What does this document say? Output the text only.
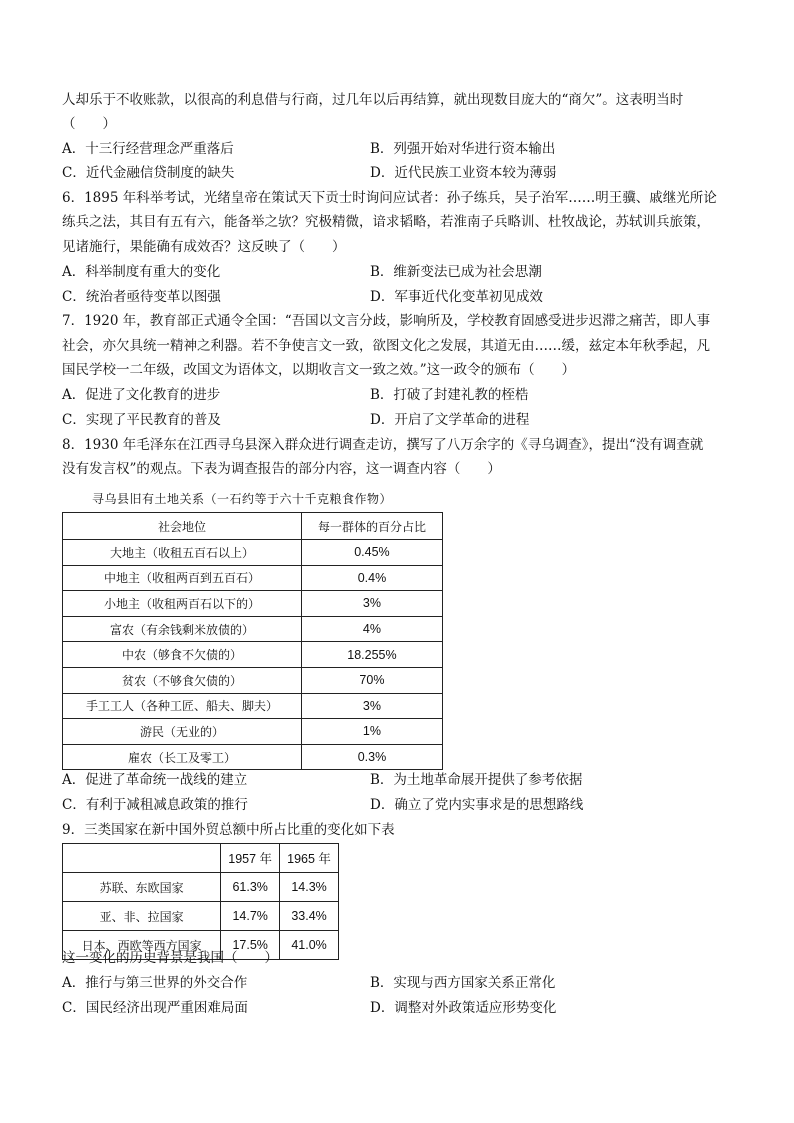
人却乐于不收账款，以很高的利息借与行商，过几年以后再结算，就出现数目庞大的“商欠”。这表明当时
（　　）
A．十三行经营理念严重落后	B．列强开始对华进行资本输出
C．近代金融信贷制度的缺失	D．近代民族工业资本较为薄弱
6．1895 年科举考试，光绪皇帝在策试天下贡士时询问应试者：孙子练兵，吴子治军……明王骥、戚继光所论
练兵之法，其目有五有六，能备举之欤？究极精微，谙求韬略，若淮南子兵略训、杜牧战论，苏轼训兵旅策，
见诸施行，果能确有成效否？这反映了（　　）
A．科举制度有重大的变化	B．维新变法已成为社会思潮
C．统治者亟待变革以图强	D．军事近代化变革初见成效
7．1920 年，教育部正式通令全国：“吾国以文言分歧，影响所及，学校教育固感受进步迟滞之痛苦，即人事
社会，亦欠具统一精神之利器。若不争使言文一致，欲图文化之发展，其道无由……缓，兹定本年秋季起，凡
国民学校一二年级，改国文为语体文，以期收言文一致之效。”这一政令的颁布（　　）
A．促进了文化教育的进步	B．打破了封建礼教的桎梏
C．实现了平民教育的普及	D．开启了文学革命的进程
8．1930 年毛泽东在江西寻乌县深入群众进行调查走访，撰写了八万余字的《寻乌调查》，提出“没有调查就
没有发言权”的观点。下表为调查报告的部分内容，这一调查内容（　　）
寻乌县旧有土地关系（一石约等于六十千克粮食作物）
社会地位	每一群体的百分占比
大地主（收租五百石以上）	0.45%
中地主（收租两百到五百石）	0.4%
小地主（收租两百石以下的）	3%
富农（有余钱剩米放债的）	4%
中农（够食不欠债的）	18.255%
贫农（不够食欠债的）	70%
手工工人（各种工匠、船夫、脚夫）	3%
游民（无业的）	1%
雇农（长工及零工）	0.3%
A．促进了革命统一战线的建立	B．为土地革命展开提供了参考依据
C．有利于减租减息政策的推行	D．确立了党内实事求是的思想路线
9．三类国家在新中国外贸总额中所占比重的变化如下表
	1957 年	1965 年
苏联、东欧国家	61.3%	14.3%
亚、非、拉国家	14.7%	33.4%
日本、西欧等西方国家	17.5%	41.0%
这一变化的历史背景是我国（　　）
A．推行与第三世界的外交合作	B．实现与西方国家关系正常化
C．国民经济出现严重困难局面	D．调整对外政策适应形势变化
